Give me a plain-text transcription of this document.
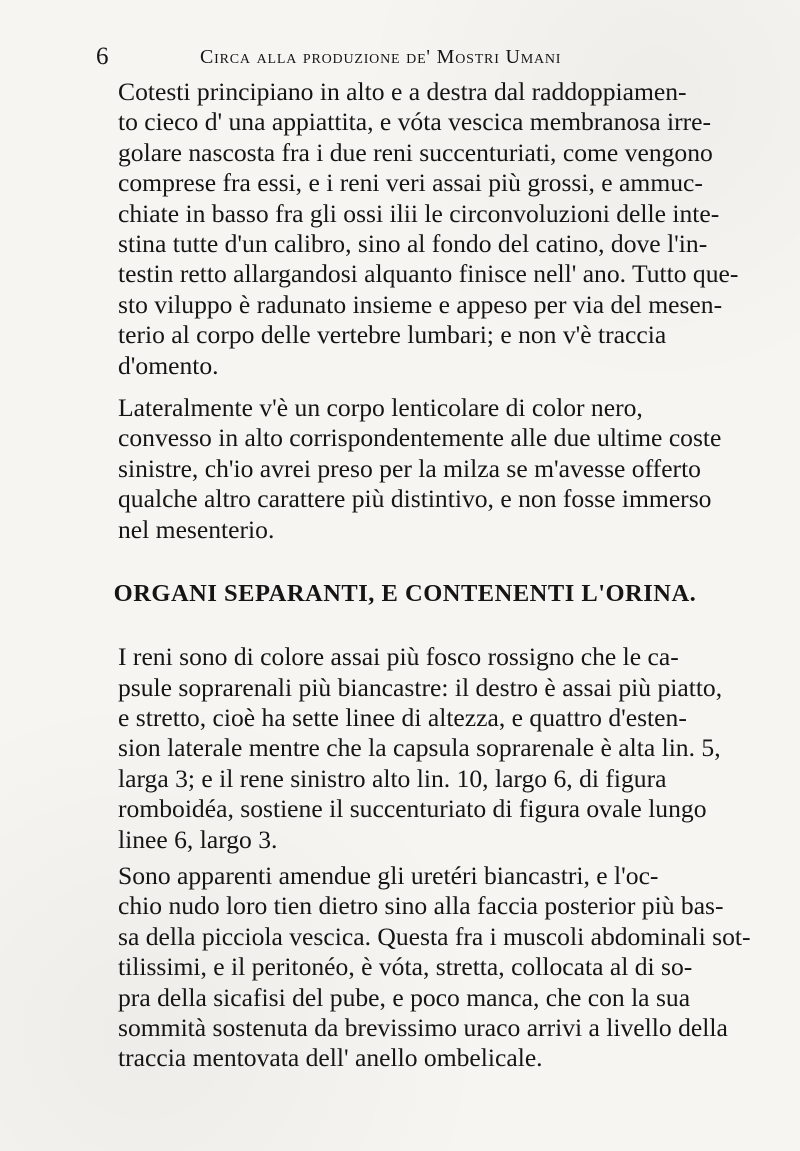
6	Circa alla produzione de' Mostri Umani

Cotesti principiano in alto e a destra dal raddoppiamen-
to cieco d' una appiattita, e vóta vescica membranosa irre-
golare nascosta fra i due reni succenturiati, come vengono
comprese fra essi, e i reni veri assai più grossi, e ammuc-
chiate in basso fra gli ossi ilii le circonvoluzioni delle inte-
stina tutte d'un calibro, sino al fondo del catino, dove l'in-
testin retto allargandosi alquanto finisce nell' ano. Tutto que-
sto viluppo è radunato insieme e appeso per via del mesen-
terio al corpo delle vertebre lumbari; e non v'è traccia
d'omento.

Lateralmente v'è un corpo lenticolare di color nero,
convesso in alto corrispondentemente alle due ultime coste
sinistre, ch'io avrei preso per la milza se m'avesse offerto
qualche altro carattere più distintivo, e non fosse immerso
nel mesenterio.

ORGANI SEPARANTI, E CONTENENTI L'ORINA.

I reni sono di colore assai più fosco rossigno che le ca-
psule soprarenali più biancastre: il destro è assai più piatto,
e stretto, cioè ha sette linee di altezza, e quattro d'esten-
sion laterale mentre che la capsula soprarenale è alta lin. 5,
larga 3; e il rene sinistro alto lin. 10, largo 6, di figura
romboidéa, sostiene il succenturiato di figura ovale lungo
linee 6, largo 3.

Sono apparenti amendue gli uretéri biancastri, e l'oc-
chio nudo loro tien dietro sino alla faccia posterior più bas-
sa della picciola vescica. Questa fra i muscoli abdominali sot-
tilissimi, e il peritonéo, è vóta, stretta, collocata al di so-
pra della sicafisi del pube, e poco manca, che con la sua
sommità sostenuta da brevissimo uraco arrivi a livello della
traccia mentovata dell' anello ombelicale.
